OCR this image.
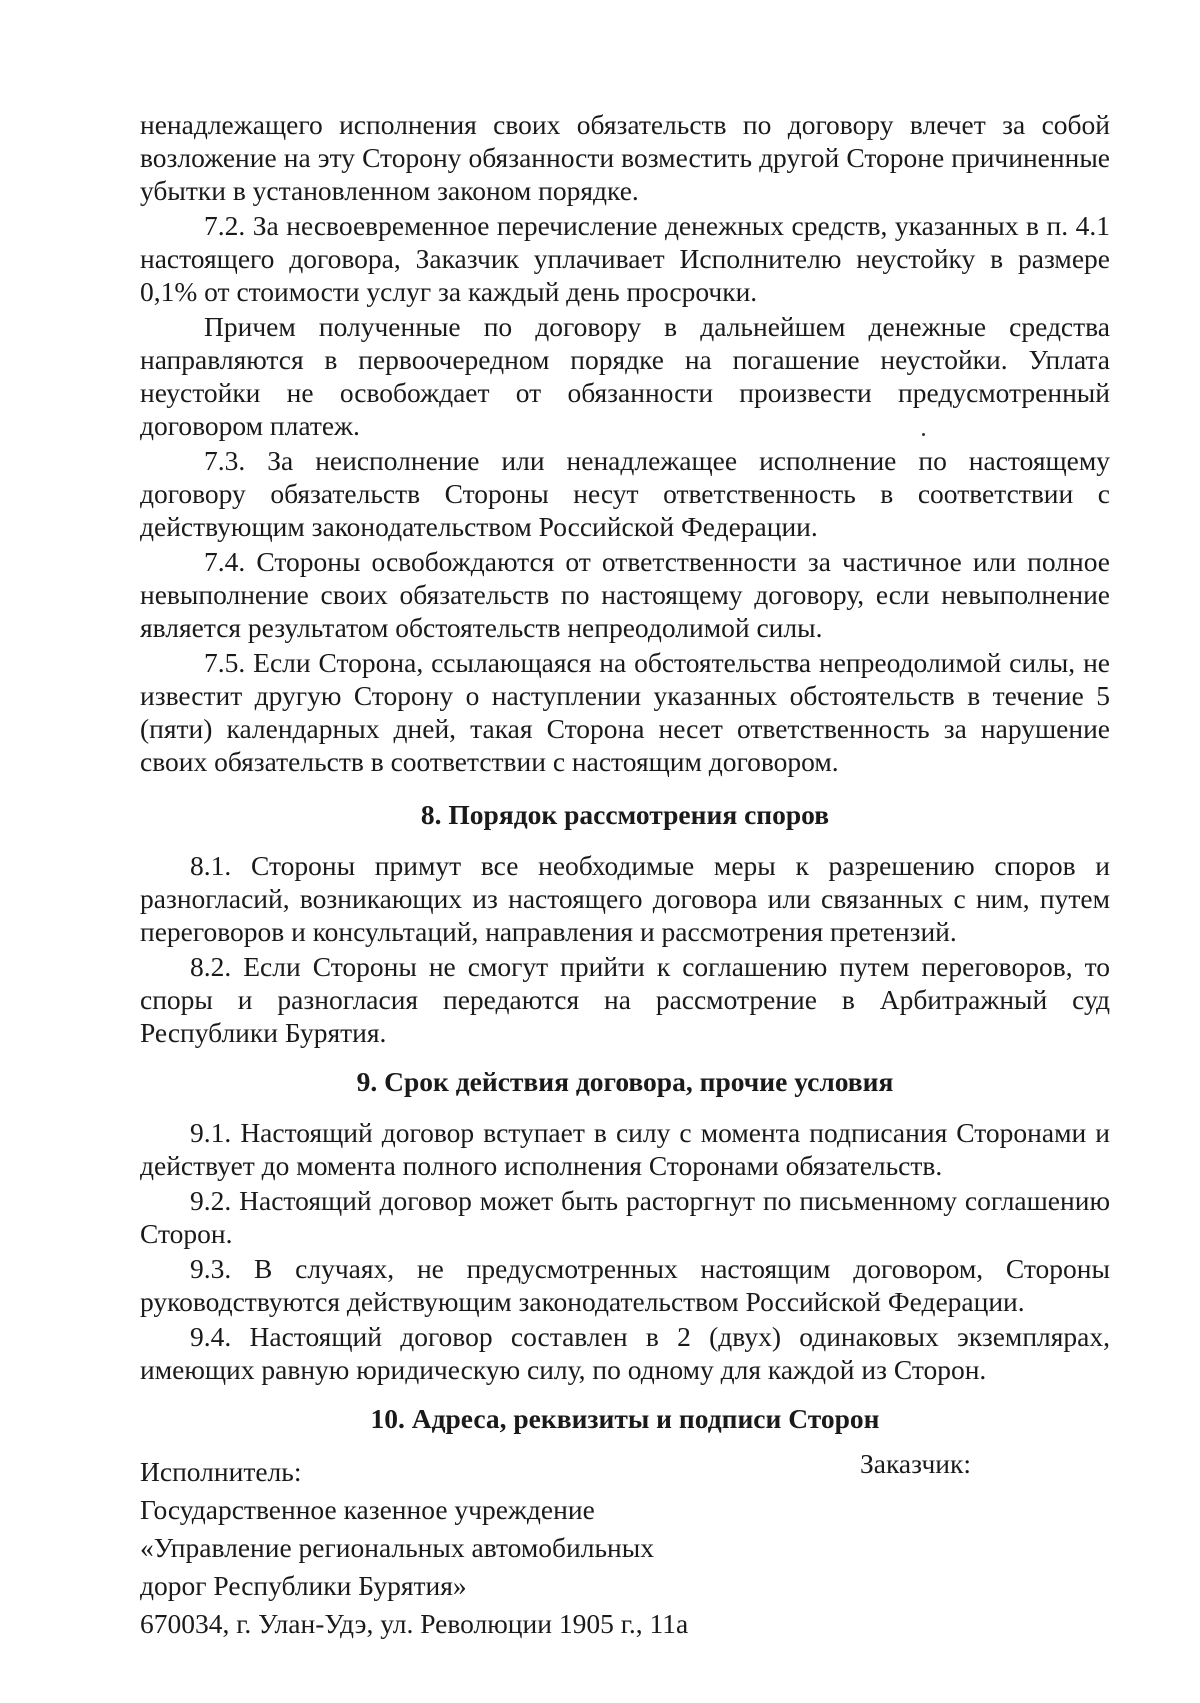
ненадлежащего исполнения своих обязательств по договору влечет за собой возложение на эту Сторону обязанности возместить другой Стороне причиненные убытки в установленном законом порядке.

7.2. За несвоевременное перечисление денежных средств, указанных в п. 4.1 настоящего договора, Заказчик уплачивает Исполнителю неустойку в размере 0,1% от стоимости услуг за каждый день просрочки.

Причем полученные по договору в дальнейшем денежные средства направляются в первоочередном порядке на погашение неустойки. Уплата неустойки не освобождает от обязанности произвести предусмотренный договором платеж.

7.3. За неисполнение или ненадлежащее исполнение по настоящему договору обязательств Стороны несут ответственность в соответствии с действующим законодательством Российской Федерации.

7.4. Стороны освобождаются от ответственности за частичное или полное невыполнение своих обязательств по настоящему договору, если невыполнение является результатом обстоятельств непреодолимой силы.

7.5. Если Сторона, ссылающаяся на обстоятельства непреодолимой силы, не известит другую Сторону о наступлении указанных обстоятельств в течение 5 (пяти) календарных дней, такая Сторона несет ответственность за нарушение своих обязательств в соответствии с настоящим договором.

8. Порядок рассмотрения споров

8.1. Стороны примут все необходимые меры к разрешению споров и разногласий, возникающих из настоящего договора или связанных с ним, путем переговоров и консультаций, направления и рассмотрения претензий.

8.2. Если Стороны не смогут прийти к соглашению путем переговоров, то споры и разногласия передаются на рассмотрение в Арбитражный суд Республики Бурятия.

9. Срок действия договора, прочие условия

9.1. Настоящий договор вступает в силу с момента подписания Сторонами и действует до момента полного исполнения Сторонами обязательств.

9.2. Настоящий договор может быть расторгнут по письменному соглашению Сторон.

9.3. В случаях, не предусмотренных настоящим договором, Стороны руководствуются действующим законодательством Российской Федерации.

9.4. Настоящий договор составлен в 2 (двух) одинаковых экземплярах, имеющих равную юридическую силу, по одному для каждой из Сторон.

10. Адреса, реквизиты и подписи Сторон
Исполнитель:
Государственное казенное учреждение
«Управление региональных автомобильных
дорог Республики Бурятия»
670034, г. Улан-Удэ, ул. Революции 1905 г., 11а
Заказчик:
